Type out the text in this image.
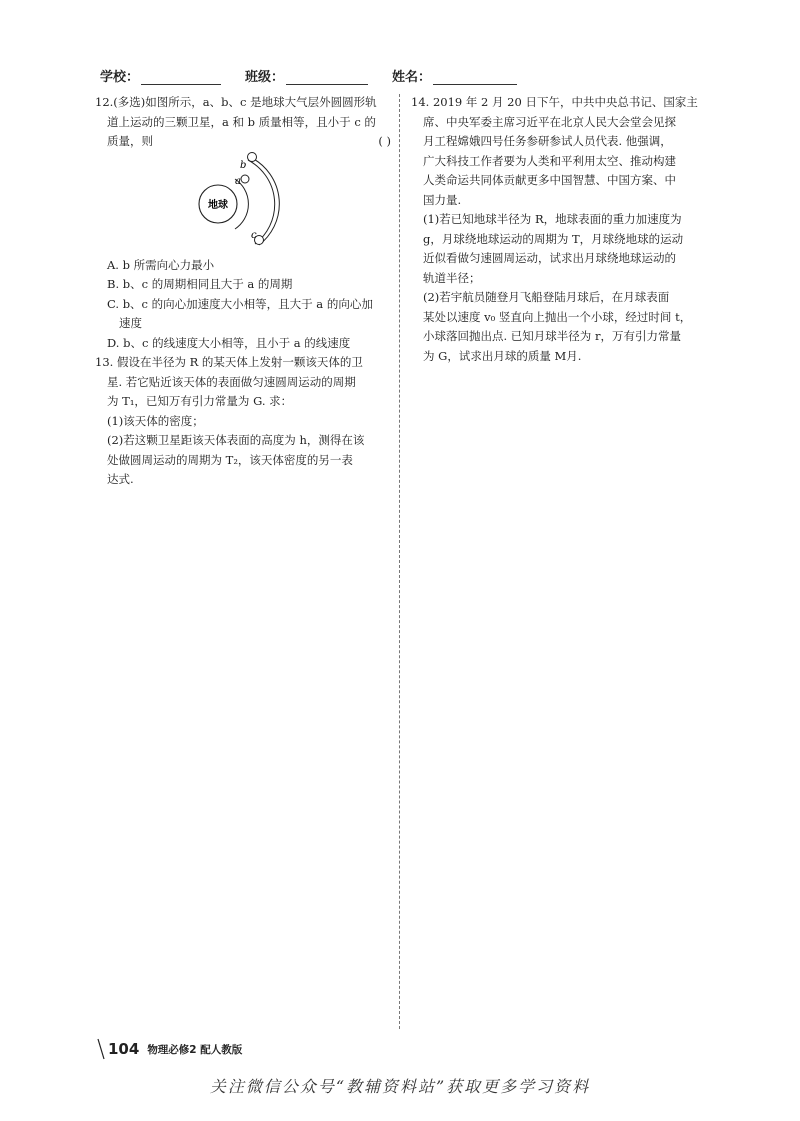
学校：	班级：	姓名：

12.(多选)如图所示，a、b、c 是地球大气层外圆圆形轨

道上运动的三颗卫星，a 和 b 质量相等，且小于 c 的

质量，则	( )

地球
a
b
c

A. b 所需向心力最小

B. b、c 的周期相同且大于 a 的周期

C. b、c 的向心加速度大小相等，且大于 a 的向心加

速度

D. b、c 的线速度大小相等，且小于 a 的线速度

13. 假设在半径为 R 的某天体上发射一颗该天体的卫

星. 若它贴近该天体的表面做匀速圆周运动的周期

为 T₁，已知万有引力常量为 G. 求：

(1)该天体的密度；

(2)若这颗卫星距该天体表面的高度为 h，测得在该

处做圆周运动的周期为 T₂，该天体密度的另一表

达式.

14. 2019 年 2 月 20 日下午，中共中央总书记、国家主

席、中央军委主席习近平在北京人民大会堂会见探

月工程嫦娥四号任务参研参试人员代表. 他强调，

广大科技工作者要为人类和平利用太空、推动构建

人类命运共同体贡献更多中国智慧、中国方案、中

国力量.

(1)若已知地球半径为 R，地球表面的重力加速度为

g，月球绕地球运动的周期为 T，月球绕地球的运动

近似看做匀速圆周运动，试求出月球绕地球运动的

轨道半径；

(2)若宇航员随登月飞船登陆月球后，在月球表面

某处以速度 v₀ 竖直向上抛出一个小球，经过时间 t，

小球落回抛出点. 已知月球半径为 r，万有引力常量

为 G，试求出月球的质量 M月.

104 物理必修2 配人教版
关注微信公众号“教辅资料站”获取更多学习资料
